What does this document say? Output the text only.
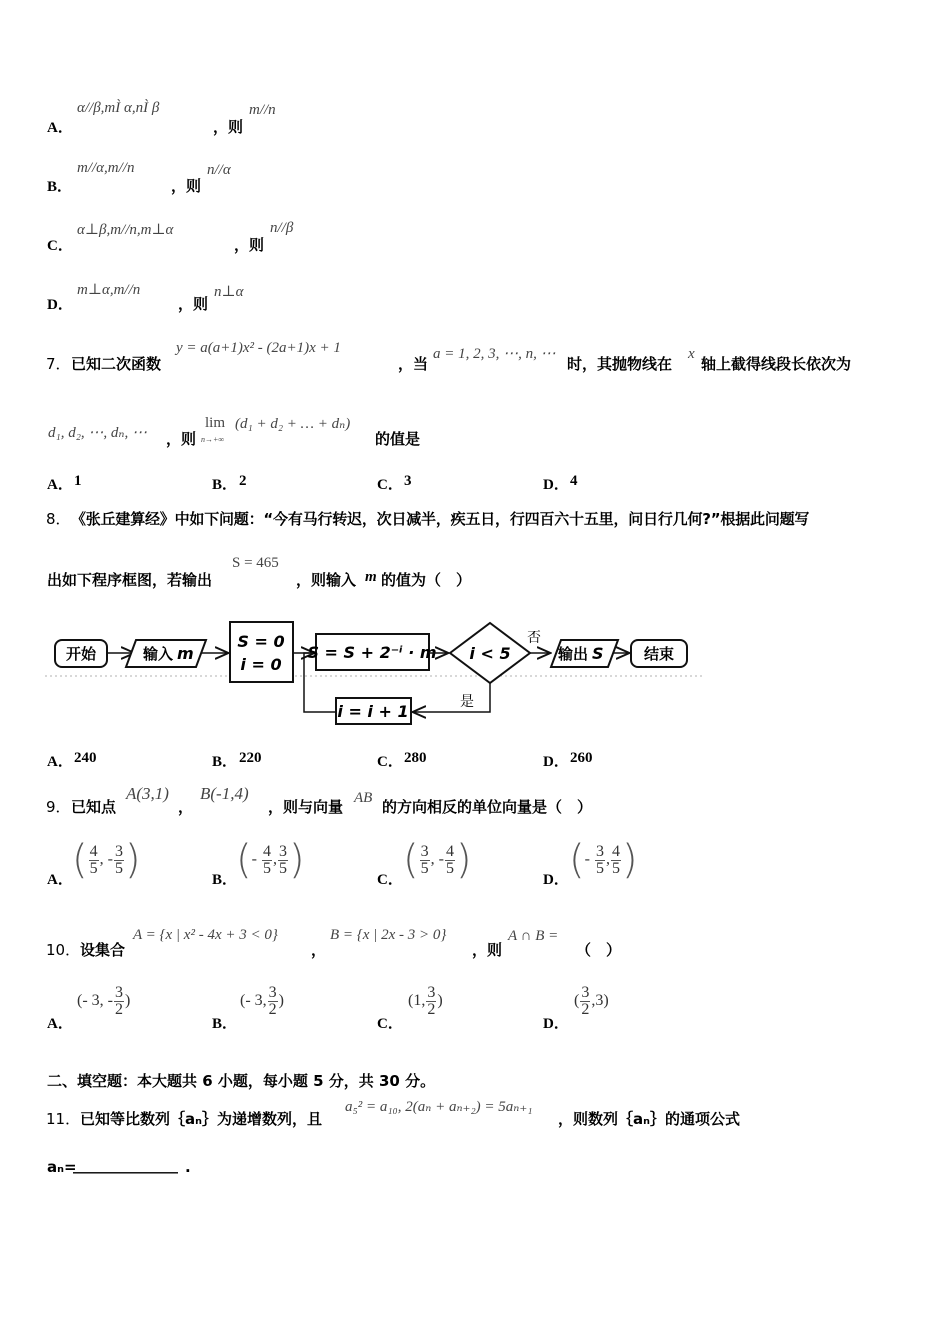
A．
α//β,mÌ α,nÌ β
，则
m//n
B．
m//α,m//n
，则
n//α
C．
α⊥β,m//n,m⊥α
，则
n//β
D．
m⊥α,m//n
，则
n⊥α
7． 已知二次函数
y = a(a+1)x² - (2a+1)x + 1
，当
a = 1, 2, 3, ⋯, n, ⋯
时，其抛物线在
x
轴上截得线段长依次为
d₁, d₂, ⋯, dₙ, ⋯ ，则
lim
n→+∞
(d₁ + d₂ + … + dₙ)
的值是
A． 1	B． 2	C． 3	D． 4
8． 《张丘建算经》中如下问题：“今有马行转迟，次日减半，疾五日，行四百六十五里，问日行几何?”根据此问题写
出如下程序框图，若输出
S = 465
，则输入 m 的值为（　）
开始	输入 m
S = 0
i = 0
S = S + 2⁻ⁱ · m i < 5
否
输出 S	结束
是
i = i + 1
A． 240	B． 220	C． 280	D． 260
9． 已知点
A(3,1)
，
B(-1,4)
，则与向量 AB 的方向相反的单位向量是（　）
A． ( $\frac{4}{5}$ , - $\frac{3}{5}$ )	B．
(- $\frac{4}{5}$ , $\frac{3}{5}$ )	C． ( $\frac{3}{5}$ , - $\frac{4}{5}$ )	D． (- $\frac{3}{5}$ , $\frac{4}{5}$ )
10． 设集合
A = {x | x² - 4x + 3 < 0}
，
B = {x | 2x - 3 > 0}
，则
A ∩ B =
（　）
A．
(- 3, - $\frac{3}{2}$ )
B．
(- 3, $\frac{3}{2}$ )
C．
(1, $\frac{3}{2}$ )
D．
( $\frac{3}{2} ,3$)
二、填空题：本大题共 6 小题，每小题 5 分，共 30 分。
11． 已知等比数列｛aₙ｝为递增数列，且
a₅² = a₁₀, 2(aₙ + aₙ₊₂) = 5aₙ₊₁
，则数列｛aₙ｝的通项公式
aₙ=
______________ .
